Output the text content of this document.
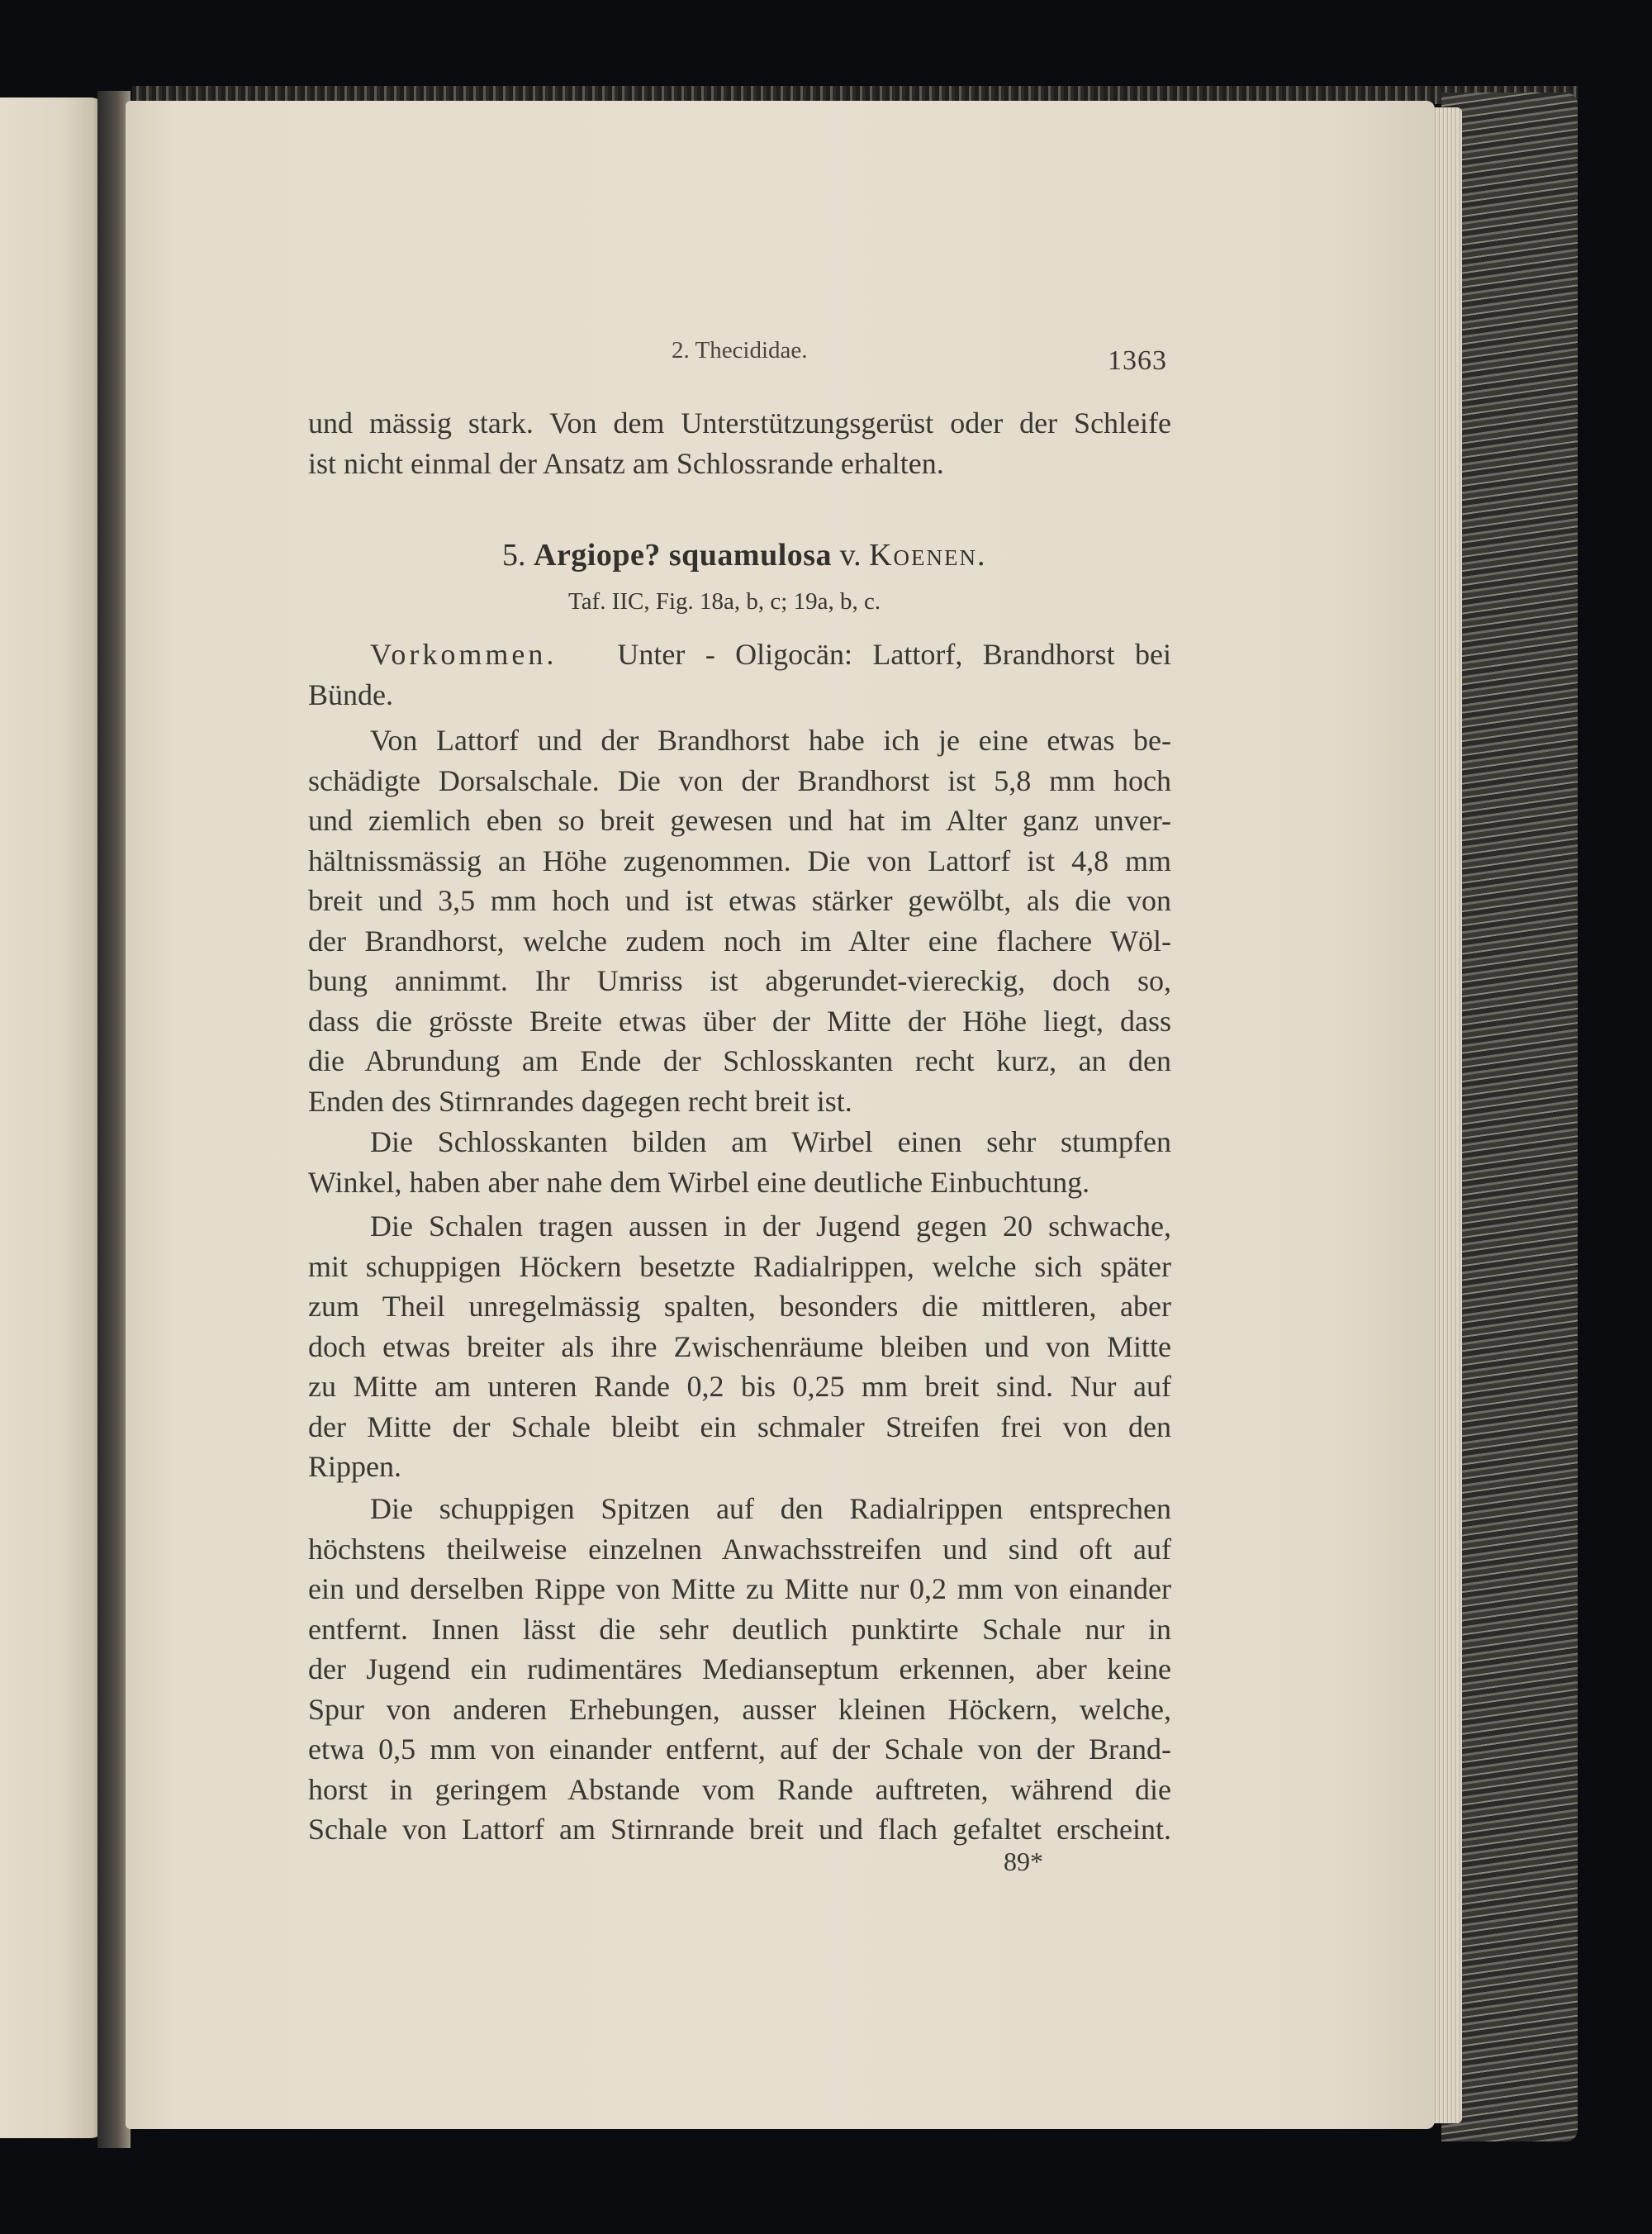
2. Thecididae.	1363
und mässig stark. Von dem Unterstützungsgerüst oder der Schleife
ist nicht einmal der Ansatz am Schlossrande erhalten.
5. Argiope? squamulosa v. Koenen.
Taf. IIC, Fig. 18a, b, c; 19a, b, c.
Vorkommen. Unter - Oligocän: Lattorf, Brandhorst bei
Bünde.
Von Lattorf und der Brandhorst habe ich je eine etwas be-
schädigte Dorsalschale. Die von der Brandhorst ist 5,8 mm hoch
und ziemlich eben so breit gewesen und hat im Alter ganz unver-
hältnissmässig an Höhe zugenommen. Die von Lattorf ist 4,8 mm
breit und 3,5 mm hoch und ist etwas stärker gewölbt, als die von
der Brandhorst, welche zudem noch im Alter eine flachere Wöl-
bung annimmt. Ihr Umriss ist abgerundet-viereckig, doch so,
dass die grösste Breite etwas über der Mitte der Höhe liegt, dass
die Abrundung am Ende der Schlosskanten recht kurz, an den
Enden des Stirnrandes dagegen recht breit ist.
Die Schlosskanten bilden am Wirbel einen sehr stumpfen
Winkel, haben aber nahe dem Wirbel eine deutliche Einbuchtung.
Die Schalen tragen aussen in der Jugend gegen 20 schwache,
mit schuppigen Höckern besetzte Radialrippen, welche sich später
zum Theil unregelmässig spalten, besonders die mittleren, aber
doch etwas breiter als ihre Zwischenräume bleiben und von Mitte
zu Mitte am unteren Rande 0,2 bis 0,25 mm breit sind. Nur auf
der Mitte der Schale bleibt ein schmaler Streifen frei von den
Rippen.
Die schuppigen Spitzen auf den Radialrippen entsprechen
höchstens theilweise einzelnen Anwachsstreifen und sind oft auf
ein und derselben Rippe von Mitte zu Mitte nur 0,2 mm von einander
entfernt. Innen lässt die sehr deutlich punktirte Schale nur in
der Jugend ein rudimentäres Medianseptum erkennen, aber keine
Spur von anderen Erhebungen, ausser kleinen Höckern, welche,
etwa 0,5 mm von einander entfernt, auf der Schale von der Brand-
horst in geringem Abstande vom Rande auftreten, während die
Schale von Lattorf am Stirnrande breit und flach gefaltet erscheint.
89*
